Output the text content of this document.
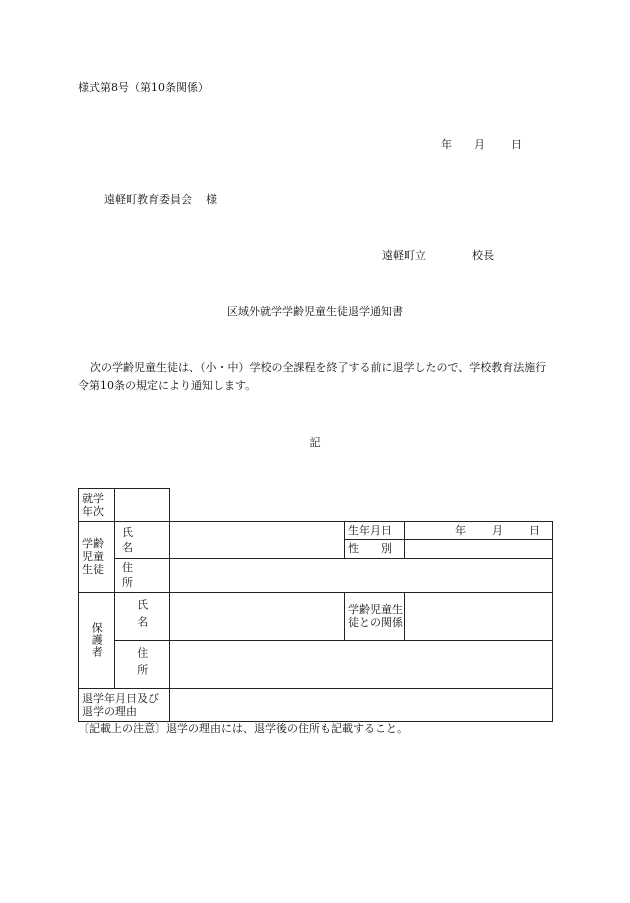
様式第8号（第10条関係）
年 月 日
遠軽町教育委員会 様
遠軽町立	校長
区域外就学学齢児童生徒退学通知書
次の学齢児童生徒は、（小・中）学校の全課程を終了する前に退学したので、学校教育法施行令第10条の規定により通知します。
記
就学年次				

学齢児童生徒	氏　　名		生年月日	年 月 日
			性　　別	

住　　所			

保護者	氏名		学齢児童生徒との関係	

	住所			

退学年月日及び退学の理由				

〔記載上の注意〕退学の理由には、退学後の住所も記載すること。
